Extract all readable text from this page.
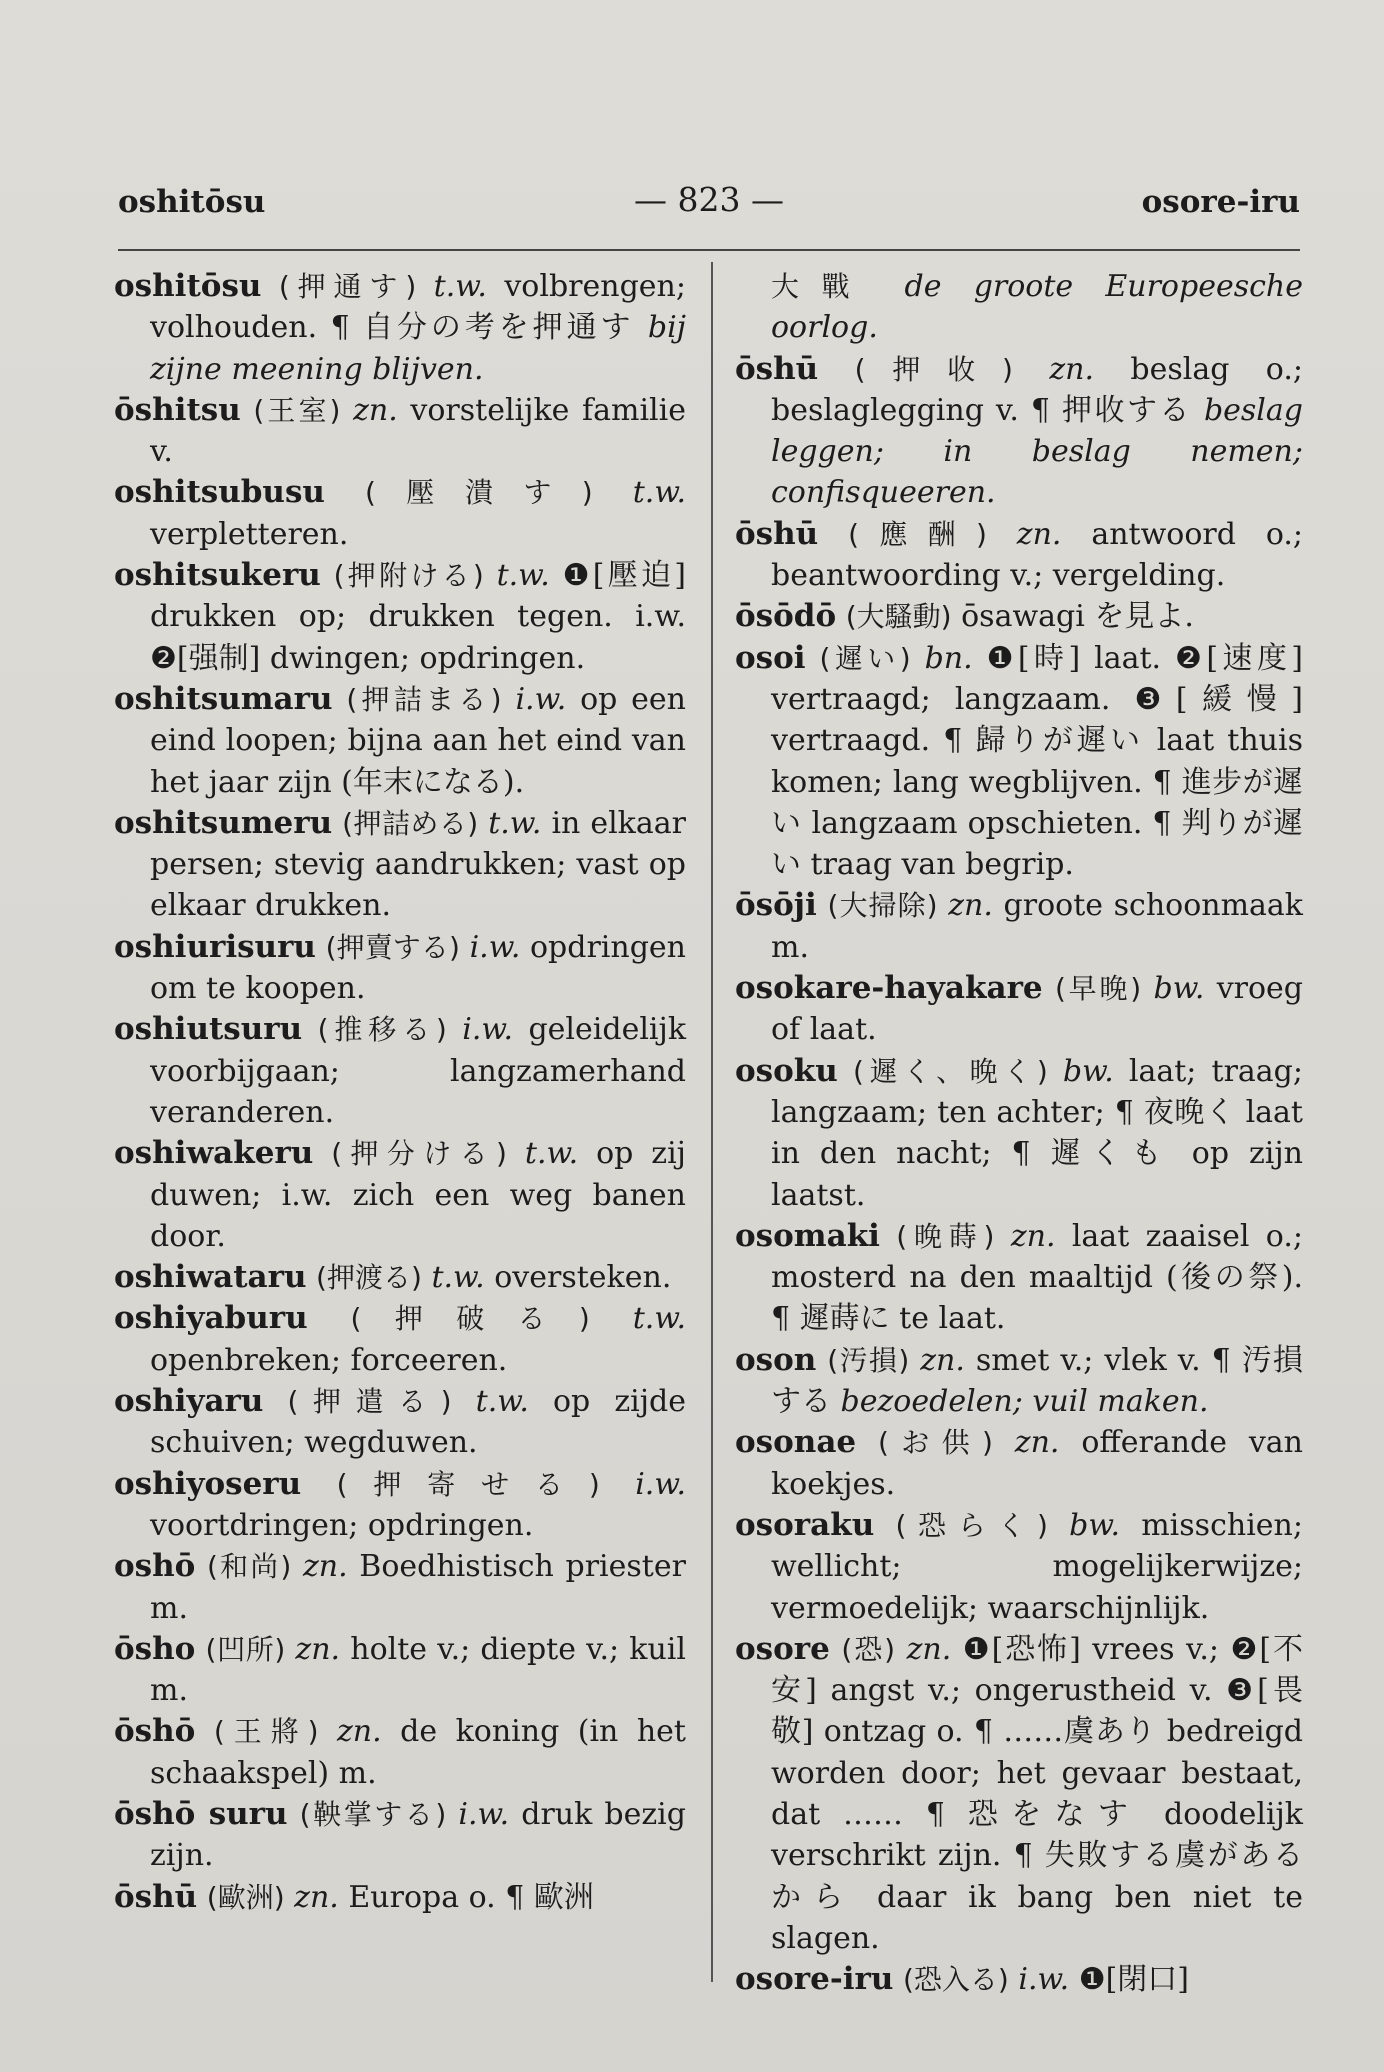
oshitōsu	— 823 —	osore-iru

oshitōsu (押通す) t.w. volbrengen; volhouden. ¶ 自分の考を押通す bij zijne meening blijven.

ōshitsu (王室) zn. vorstelijke familie v.

oshitsubusu (壓潰す) t.w. verpletteren.

oshitsukeru (押附ける) t.w. ❶[壓迫] drukken op; drukken tegen. i.w. ❷[强制] dwingen; opdringen.

oshitsumaru (押詰まる) i.w. op een eind loopen; bijna aan het eind van het jaar zijn (年末になる).

oshitsumeru (押詰める) t.w. in elkaar persen; stevig aandrukken; vast op elkaar drukken.

oshiurisuru (押賣する) i.w. opdringen om te koopen.

oshiutsuru (推移る) i.w. geleidelijk voorbijgaan; langzamerhand veranderen.

oshiwakeru (押分ける) t.w. op zij duwen; i.w. zich een weg banen door.

oshiwataru (押渡る) t.w. oversteken.

oshiyaburu (押破る) t.w. openbreken; forceeren.

oshiyaru (押遣る) t.w. op zijde schuiven; wegduwen.

oshiyoseru (押寄せる) i.w. voortdringen; opdringen.

oshō (和尚) zn. Boedhistisch priester m.

ōsho (凹所) zn. holte v.; diepte v.; kuil m.

ōshō (王將) zn. de koning (in het schaakspel) m.

ōshō suru (鞅掌する) i.w. druk bezig zijn.

ōshū (歐洲) zn. Europa o. ¶ 歐洲

大戰 de groote Europeesche oorlog.

ōshū (押收) zn. beslag o.; beslaglegging v. ¶ 押收する beslag leggen; in beslag nemen; confisqueeren.

ōshū (應酬) zn. antwoord o.; beantwoording v.; vergelding.

ōsōdō (大騷動) ōsawagi を見よ.

osoi (遲い) bn. ❶[時] laat. ❷[速度] vertraagd; langzaam. ❸[緩慢] vertraagd. ¶ 歸りが遲い laat thuis komen; lang wegblijven. ¶ 進步が遲い langzaam opschieten. ¶ 判りが遲い traag van begrip.

ōsōji (大掃除) zn. groote schoonmaak m.

osokare-hayakare (早晚) bw. vroeg of laat.

osoku (遲く、晚く) bw. laat; traag; langzaam; ten achter; ¶ 夜晚く laat in den nacht; ¶ 遲くも op zijn laatst.

osomaki (晚蒔) zn. laat zaaisel o.; mosterd na den maaltijd (後の祭). ¶ 遲蒔に te laat.

oson (汚損) zn. smet v.; vlek v. ¶ 汚損する bezoedelen; vuil maken.

osonae (お供) zn. offerande van koekjes.

osoraku (恐らく) bw. misschien; wellicht; mogelijkerwijze; vermoedelijk; waarschijnlijk.

osore (恐) zn. ❶[恐怖] vrees v.; ❷[不安] angst v.; ongerustheid v. ❸[畏敬] ontzag o. ¶ ……虞あり bedreigd worden door; het gevaar bestaat, dat …… ¶ 恐をなす doodelijk verschrikt zijn. ¶ 失敗する虞があるから daar ik bang ben niet te slagen.

osore-iru (恐入る) i.w. ❶[閉口]
